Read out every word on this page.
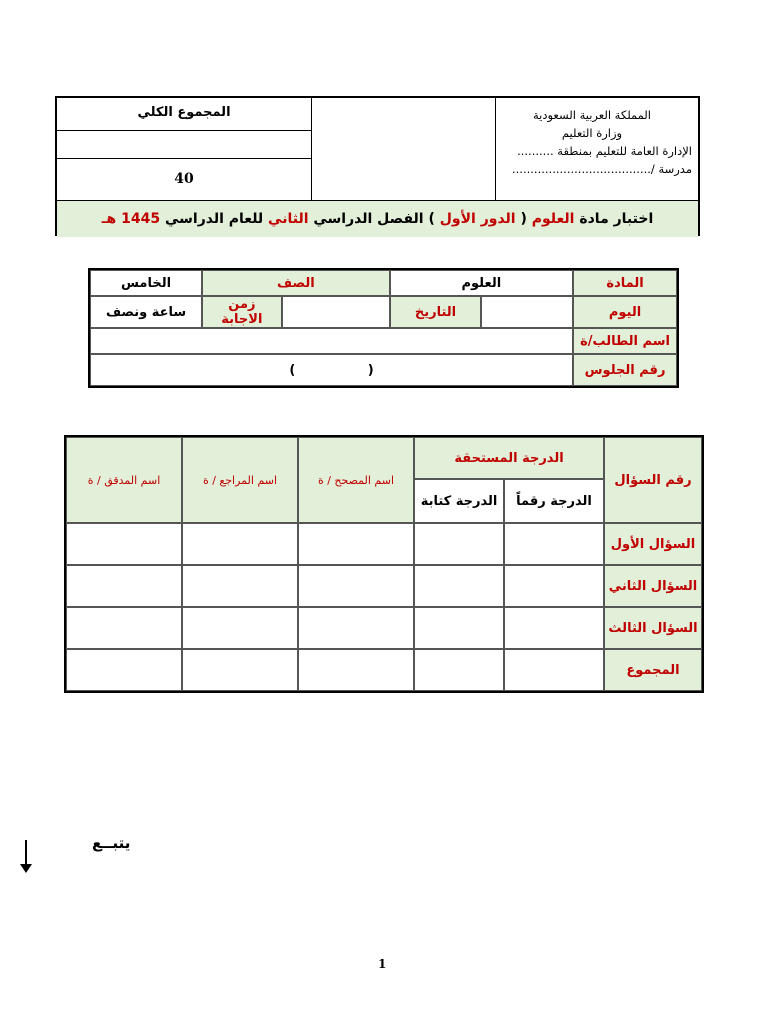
المجموع الكلي
40
المملكة العربية السعودية
وزارة التعليم
الإدارة العامة للتعليم بمنطقة ..........
مدرسة /......................................
اختبار مادة العلوم ( الدور الأول ) الفصل الدراسي الثاني للعام الدراسي 1445 هـ
المادة	العلوم		الصف		الخامس
اليوم		التاريخ		زمن الاجابة	ساعة ونصف
اسم الطالب/ة					
رقم الجلوس	(                )				
رقم السؤال	الدرجة المستحقة		اسم المصحح / ة	اسم المراجع / ة	اسم المدقق / ة
	الدرجة رقماً	الدرجة كتابة			
السؤال الأول					
السؤال الثاني					
السؤال الثالث					
المجموع					
يتبــع
1
